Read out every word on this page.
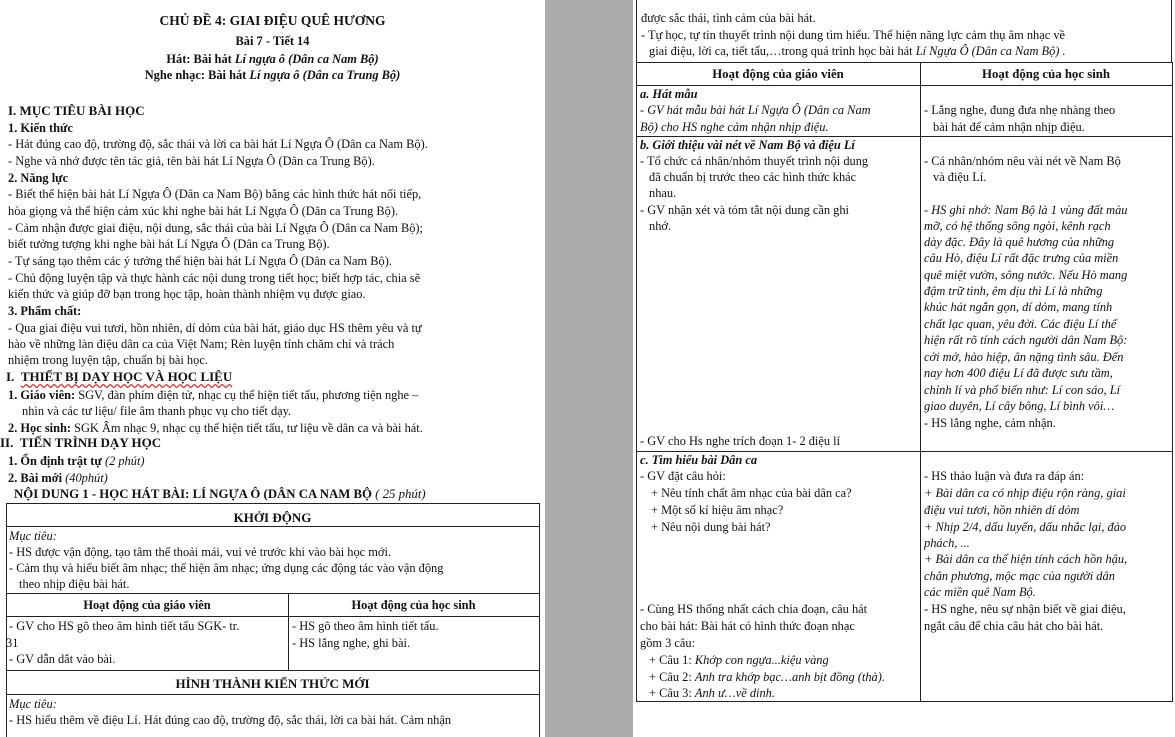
CHỦ ĐỀ 4: GIAI ĐIỆU QUÊ HƯƠNG
Bài 7 - Tiết 14
Hát: Bài hát Lí ngựa ô (Dân ca Nam Bộ)
Nghe nhạc: Bài hát Lí ngựa ô (Dân ca Trung Bộ)
I. MỤC TIÊU BÀI HỌC
1. Kiến thức
- Hát đúng cao độ, trường độ, sắc thái và lời ca bài hát Lí Ngựa Ô (Dân ca Nam Bộ).
- Nghe và nhớ được tên tác giả, tên bài hát Lí Ngựa Ô (Dân ca Trung Bộ).
2. Năng lực
- Biết thể hiện bài hát Lí Ngựa Ô (Dân ca Nam Bộ) bằng các hình thức hát nối tiếp,
hòa giọng và thể hiện cảm xúc khi nghe bài hát Lí Ngựa Ô (Dân ca Trung Bộ).
- Cảm nhận được giai điệu, nội dung, sắc thái của bài Lí Ngựa Ô (Dân ca Nam Bộ);
biết tưởng tượng khi nghe bài hát Lí Ngựa Ô (Dân ca Trung Bộ).
- Tự sáng tạo thêm các ý tưởng thể hiện bài hát Lí Ngựa Ô (Dân ca Nam Bộ).
- Chủ động luyện tập và thực hành các nội dung trong tiết học; biết hợp tác, chia sẽ
kiến thức và giúp đỡ bạn trong học tập, hoàn thành nhiệm vụ được giao.
3. Phẩm chất:
- Qua giai điệu vui tươi, hồn nhiên, dí dỏm của bài hát, giáo dục HS thêm yêu và tự
hào về những làn điệu dân ca của Việt Nam; Rèn luyện tính chăm chỉ và trách
nhiệm trong luyện tập, chuẩn bị bài học.
I. THIẾT BỊ DẠY HỌC VÀ HỌC LIỆU
1. Giáo viên: SGV, đàn phím điện tử, nhạc cụ thể hiện tiết tấu, phương tiện nghe –
nhìn và các tư liệu/ file âm thanh phục vụ cho tiết dạy.
2. Học sinh: SGK Âm nhạc 9, nhạc cụ thể hiện tiết tấu, tư liệu về dân ca và bài hát.
II. TIẾN TRÌNH DẠY HỌC
1. Ổn định trật tự (2 phút)
2. Bài mới (40phút)
NỘI DUNG 1 - HỌC HÁT BÀI: LÍ NGỰA Ô (DÂN CA NAM BỘ ( 25 phút)
KHỞI ĐỘNG
Mục tiêu:
- HS được vận động, tạo tâm thế thoải mái, vui vẻ trước khi vào bài học mới.
- Cảm thụ và hiểu biết âm nhạc; thể hiện âm nhạc; ứng dụng các động tác vào vận động
theo nhịp điệu bài hát.
Hoạt động của giáo viên	Hoạt động của học sinh
- GV cho HS gõ theo âm hình tiết tấu SGK- tr.
31
- GV dẫn dắt vào bài.
- HS gõ theo âm hình tiết tấu.
- HS lắng nghe, ghi bài.
HÌNH THÀNH KIẾN THỨC MỚI
Mục tiêu:
- HS hiểu thêm về điệu Lí. Hát đúng cao độ, trường độ, sắc thái, lời ca bài hát. Cảm nhận
được sắc thái, tình cảm của bài hát.
- Tự học, tự tin thuyết trình nội dung tìm hiểu. Thể hiện năng lực cảm thụ âm nhạc về
giai điệu, lời ca, tiết tấu,…trong quá trình học bài hát Lí Ngựa Ô (Dân ca Nam Bộ) .
Hoạt động của giáo viên	Hoạt động của học sinh
a. Hát mẫu
- GV hát mẫu bài hát Lí Ngựa Ô (Dân ca Nam
Bộ) cho HS nghe cảm nhận nhịp điệu.
- Lắng nghe, đung đưa nhẹ nhàng theo
bài hát để cảm nhận nhịp điệu.
b. Giới thiệu vài nét về Nam Bộ và điệu Lí
- Tổ chức cá nhân/nhóm thuyết trình nội dung
đã chuẩn bị trước theo các hình thức khác
nhau.
- GV nhận xét và tóm tắt nội dung cần ghi
nhớ.
- GV cho Hs nghe trích đoạn 1- 2 điệu lí
- Cá nhân/nhóm nêu vài nét về Nam Bộ
và điệu Lí.
- HS ghi nhớ: Nam Bộ là 1 vùng đất màu
mỡ, có hệ thống sông ngòi, kênh rạch
dày đặc. Đây là quê hương của những
câu Hò, điệu Lí rất đặc trưng của miền
quê miệt vườn, sông nước. Nếu Hò mang
đậm trữ tình, êm dịu thì Lí là những
khúc hát ngắn gọn, dí dỏm, mang tính
chất lạc quan, yêu đời. Các điệu Lí thể
hiện rất rõ tính cách người dân Nam Bộ:
cởi mở, hào hiệp, ân nặng tình sâu. Đến
nay hơn 400 điệu Lí đã được sưu tầm,
chỉnh lí và phổ biến như: Lí con sáo, Lí
giao duyên, Lí cây bông, Lí bình vôi…
- HS lắng nghe, cảm nhận.
c. Tìm hiểu bài Dân ca
- GV đặt câu hỏi:
+ Nêu tính chất âm nhạc của bài dân ca?
+ Một số kí hiệu âm nhạc?
+ Nêu nội dung bài hát?
- Cùng HS thống nhất cách chia đoạn, câu hát
cho bài hát: Bài hát có hình thức đoạn nhạc
gồm 3 câu:
+ Câu 1: Khớp con ngựa...kiệu vàng
+ Câu 2: Anh tra khớp bạc…anh bịt đồng (thà).
+ Câu 3: Anh ư…về dinh.
- HS thảo luận và đưa ra đáp án:
+ Bài dân ca có nhịp điệu rộn ràng, giai
điệu vui tươi, hồn nhiên dí dỏm
+ Nhịp 2/4, dấu luyến, dấu nhắc lại, đảo
phách, ...
+ Bài dân ca thể hiện tính cách hồn hậu,
chân phương, mộc mạc của người dân
các miền quê Nam Bộ.
- HS nghe, nêu sự nhận biết về giai điệu,
ngắt câu để chia câu hát cho bài hát.
